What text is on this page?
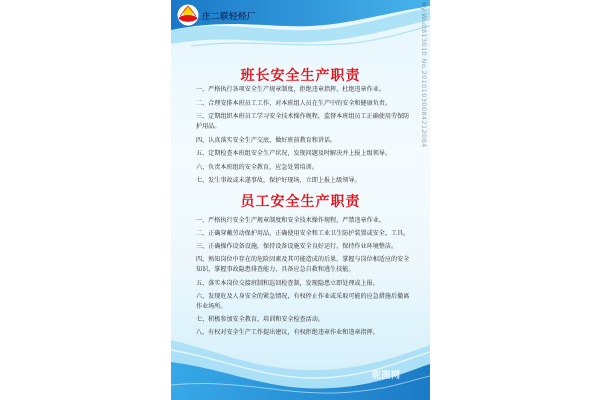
庄二联轻烃厂
班长安全生产职责
一、严格执行各项安全生产规章制度，拒绝违章指挥，杜绝违章作业。
二、合理安排本班员工工作，对本班组人员在生产中的安全和健康负责。
三、定期组织本班员工学习安全技术操作规程，监督本班组员工正确使用劳保防护用品。
四、认真落实安全生产交底，做好班前教育和讲话。
五、定期检查本班组安全生产状况，发现问题及时解决并上报上级领导。
六、负责本班组的安全教育，应急处置培训。
七、发生事故或未遂事故，保护好现场，立即上报上级领导。
员工安全生产职责
一、严格执行安全生产规章制度和安全技术操作规程，严禁违章作业。
二、正确穿戴劳动保护用品，正确使用安全和工业卫生防护装置或安全、工具。
三、正确操作设备设施，保持设备设施安全良好运行，保持作业环境整洁。
四、熟知岗位中存在的危险因素及其可能造成的后果，掌握与岗位相适应的安全知识，掌握事故隐患排查能力，具备应急自救和逃生技能。
五、落实本岗位交接班制和巡回检查制，发现隐患立即处理或上报。
六、发现危及人身安全的紧急情况，有权停止作业或采取可能的应急措施后撤离作业场所。
七、积极参加安全教育、培训和安全检查活动。
八、有权对安全生产工作提出建议，有权拒绝违章作业和违章指挥。
By:Wu0813010 No.20101030084212084
昵图网
